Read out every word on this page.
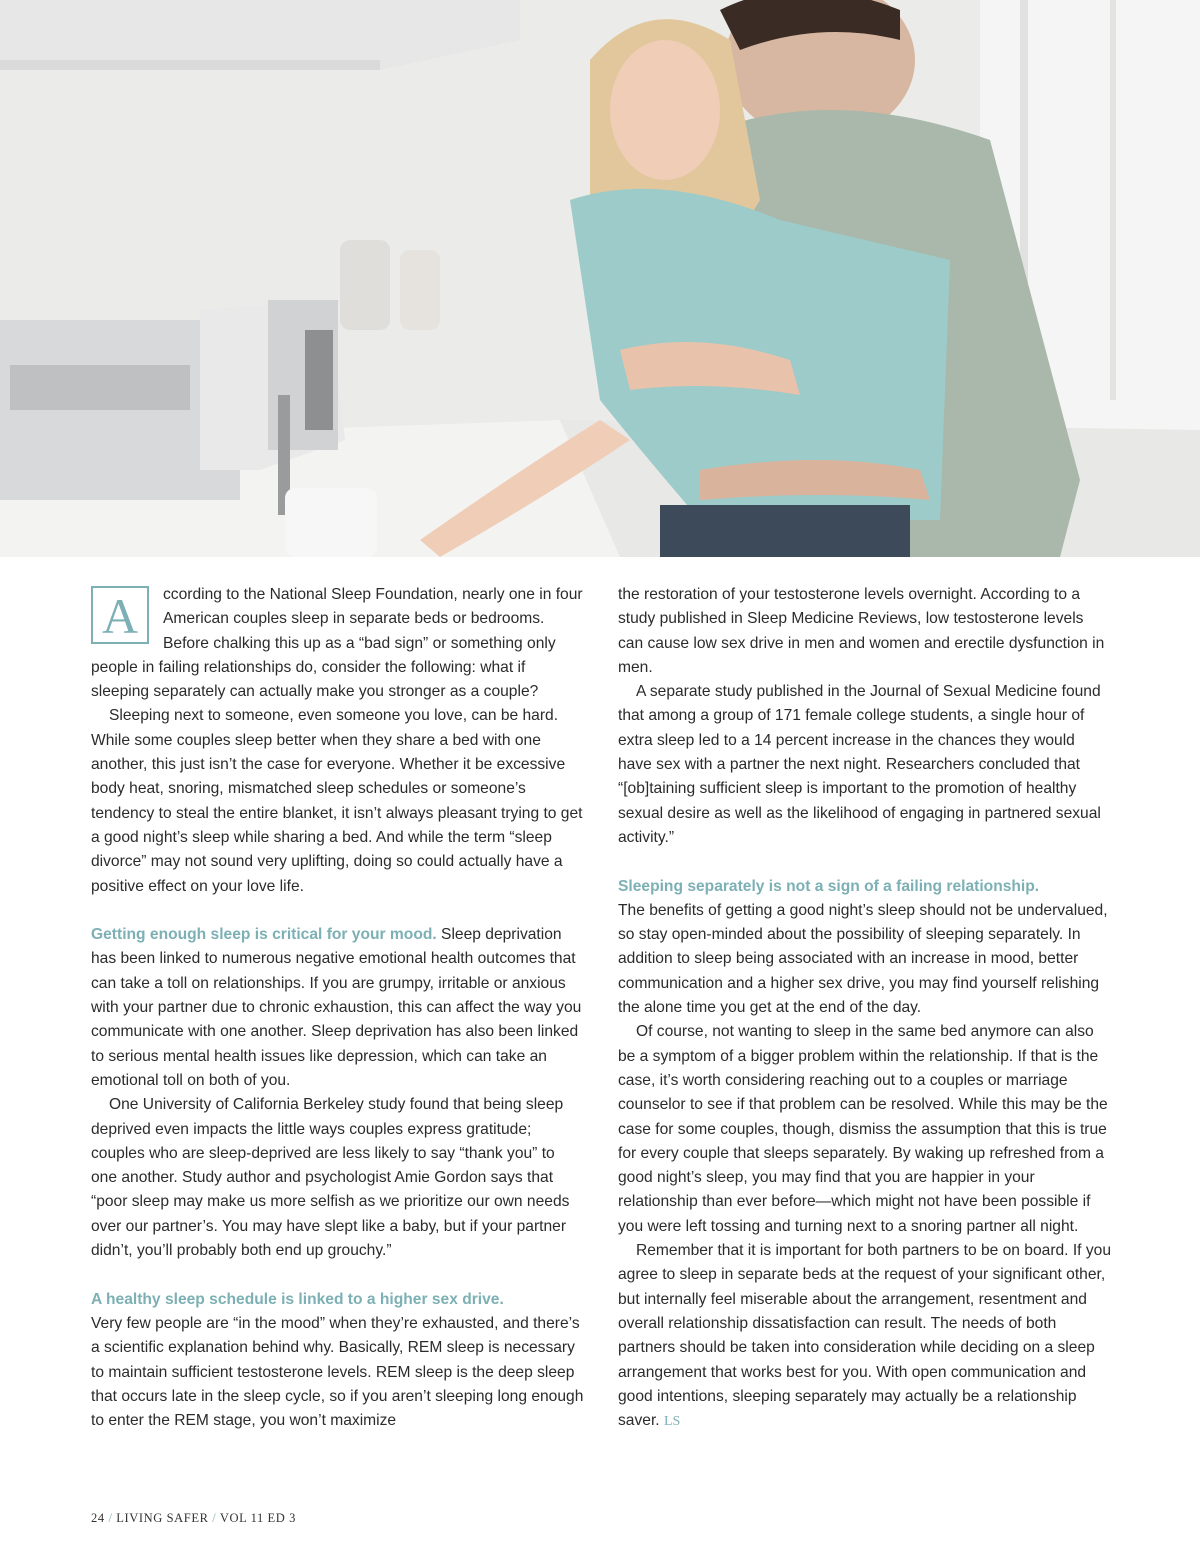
A	ccording to the National Sleep Foundation, nearly one in four American couples sleep in separate beds or bedrooms. Before chalking this up as a “bad sign” or something only people in failing relationships do, consider the following: what if sleeping separately can actually make you stronger as a couple?

Sleeping next to someone, even someone you love, can be hard. While some couples sleep better when they share a bed with one another, this just isn’t the case for everyone. Whether it be excessive body heat, snoring, mismatched sleep schedules or someone’s tendency to steal the entire blanket, it isn’t always pleasant trying to get a good night’s sleep while sharing a bed. And while the term “sleep divorce” may not sound very uplifting, doing so could actually have a positive effect on your love life.

Getting enough sleep is critical for your mood. Sleep deprivation has been linked to numerous negative emotional health outcomes that can take a toll on relationships. If you are grumpy, irritable or anxious with your partner due to chronic exhaustion, this can affect the way you communicate with one another. Sleep deprivation has also been linked to serious mental health issues like depression, which can take an emotional toll on both of you.

One University of California Berkeley study found that being sleep deprived even impacts the little ways couples express gratitude; couples who are sleep-deprived are less likely to say “thank you” to one another. Study author and psychologist Amie Gordon says that “poor sleep may make us more selfish as we prioritize our own needs over our partner’s. You may have slept like a baby, but if your partner didn’t, you’ll probably both end up grouchy.”

A healthy sleep schedule is linked to a higher sex drive.

Very few people are “in the mood” when they’re exhausted, and there’s a scientific explanation behind why. Basically, REM sleep is necessary to maintain sufficient testosterone levels. REM sleep is the deep sleep that occurs late in the sleep cycle, so if you aren’t sleeping long enough to enter the REM stage, you won’t maximize

the restoration of your testosterone levels overnight. According to a study published in Sleep Medicine Reviews, low testosterone levels can cause low sex drive in men and women and erectile dysfunction in men.

A separate study published in the Journal of Sexual Medicine found that among a group of 171 female college students, a single hour of extra sleep led to a 14 percent increase in the chances they would have sex with a partner the next night. Researchers concluded that “[ob]taining sufficient sleep is important to the promotion of healthy sexual desire as well as the likelihood of engaging in partnered sexual activity.”

Sleeping separately is not a sign of a failing relationship.

The benefits of getting a good night’s sleep should not be undervalued, so stay open-minded about the possibility of sleeping separately. In addition to sleep being associated with an increase in mood, better communication and a higher sex drive, you may find yourself relishing the alone time you get at the end of the day.

Of course, not wanting to sleep in the same bed anymore can also be a symptom of a bigger problem within the relationship. If that is the case, it’s worth considering reaching out to a couples or marriage counselor to see if that problem can be resolved. While this may be the case for some couples, though, dismiss the assumption that this is true for every couple that sleeps separately. By waking up refreshed from a good night’s sleep, you may find that you are happier in your relationship than ever before—which might not have been possible if you were left tossing and turning next to a snoring partner all night.

Remember that it is important for both partners to be on board. If you agree to sleep in separate beds at the request of your significant other, but internally feel miserable about the arrangement, resentment and overall relationship dissatisfaction can result. The needs of both partners should be taken into consideration while deciding on a sleep arrangement that works best for you. With open communication and good intentions, sleeping separately may actually be a relationship saver. LS

24 / LIVING SAFER / VOL 11 ED 3
